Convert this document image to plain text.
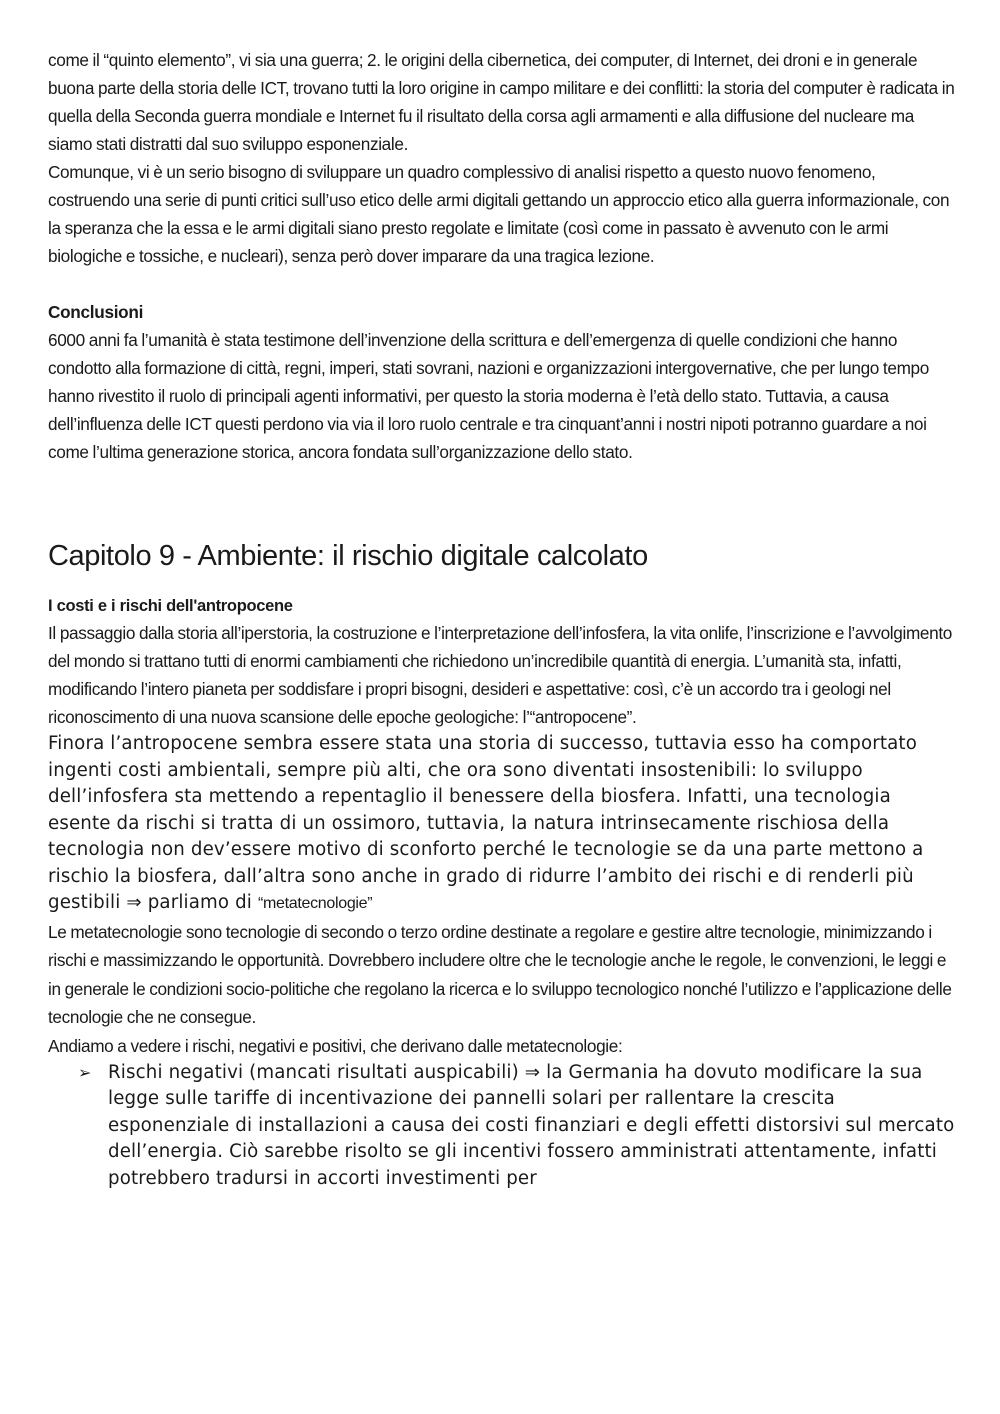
come il “quinto elemento”, vi sia una guerra; 2. le origini della cibernetica, dei computer, di Internet, dei droni e in generale buona parte della storia delle ICT, trovano tutti la loro origine in campo militare e dei conflitti: la storia del computer è radicata in quella della Seconda guerra mondiale e Internet fu il risultato della corsa agli armamenti e alla diffusione del nucleare ma siamo stati distratti dal suo sviluppo esponenziale.

Comunque, vi è un serio bisogno di sviluppare un quadro complessivo di analisi rispetto a questo nuovo fenomeno, costruendo una serie di punti critici sull’uso etico delle armi digitali gettando un approccio etico alla guerra informazionale, con la speranza che la essa e le armi digitali siano presto regolate e limitate (così come in passato è avvenuto con le armi biologiche e tossiche, e nucleari), senza però dover imparare da una tragica lezione.

Conclusioni

6000 anni fa l’umanità è stata testimone dell’invenzione della scrittura e dell’emergenza di quelle condizioni che hanno condotto alla formazione di città, regni, imperi, stati sovrani, nazioni e organizzazioni intergovernative, che per lungo tempo hanno rivestito il ruolo di principali agenti informativi, per questo la storia moderna è l’età dello stato. Tuttavia, a causa dell’influenza delle ICT questi perdono via via il loro ruolo centrale e tra cinquant’anni i nostri nipoti potranno guardare a noi come l’ultima generazione storica, ancora fondata sull’organizzazione dello stato.

Capitolo 9 - Ambiente: il rischio digitale calcolato

I costi e i rischi dell'antropocene

Il passaggio dalla storia all’iperstoria, la costruzione e l’interpretazione dell’infosfera, la vita onlife, l’inscrizione e l’avvolgimento del mondo si trattano tutti di enormi cambiamenti che richiedono un’incredibile quantità di energia. L’umanità sta, infatti, modificando l’intero pianeta per soddisfare i propri bisogni, desideri e aspettative: così, c’è un accordo tra i geologi nel riconoscimento di una nuova scansione delle epoche geologiche: l’“antropocene”.

Finora l’antropocene sembra essere stata una storia di successo, tuttavia esso ha comportato ingenti costi ambientali, sempre più alti, che ora sono diventati insostenibili: lo sviluppo dell’infosfera sta mettendo a repentaglio il benessere della biosfera. Infatti, una tecnologia esente da rischi si tratta di un ossimoro, tuttavia, la natura intrinsecamente rischiosa della tecnologia non dev’essere motivo di sconforto perché le tecnologie se da una parte mettono a rischio la biosfera, dall’altra sono anche in grado di ridurre l’ambito dei rischi e di renderli più gestibili ⇒ parliamo di “metatecnologie”

Le metatecnologie sono tecnologie di secondo o terzo ordine destinate a regolare e gestire altre tecnologie, minimizzando i rischi e massimizzando le opportunità. Dovrebbero includere oltre che le tecnologie anche le regole, le convenzioni, le leggi e in generale le condizioni socio-politiche che regolano la ricerca e lo sviluppo tecnologico nonché l’utilizzo e l’applicazione delle tecnologie che ne consegue.

Andiamo a vedere i rischi, negativi e positivi, che derivano dalle metatecnologie:

➢ Rischi negativi (mancati risultati auspicabili) ⇒ la Germania ha dovuto modificare la sua legge sulle tariffe di incentivazione dei pannelli solari per rallentare la crescita esponenziale di installazioni a causa dei costi finanziari e degli effetti distorsivi sul mercato dell’energia. Ciò sarebbe risolto se gli incentivi fossero amministrati attentamente, infatti potrebbero tradursi in accorti investimenti per
